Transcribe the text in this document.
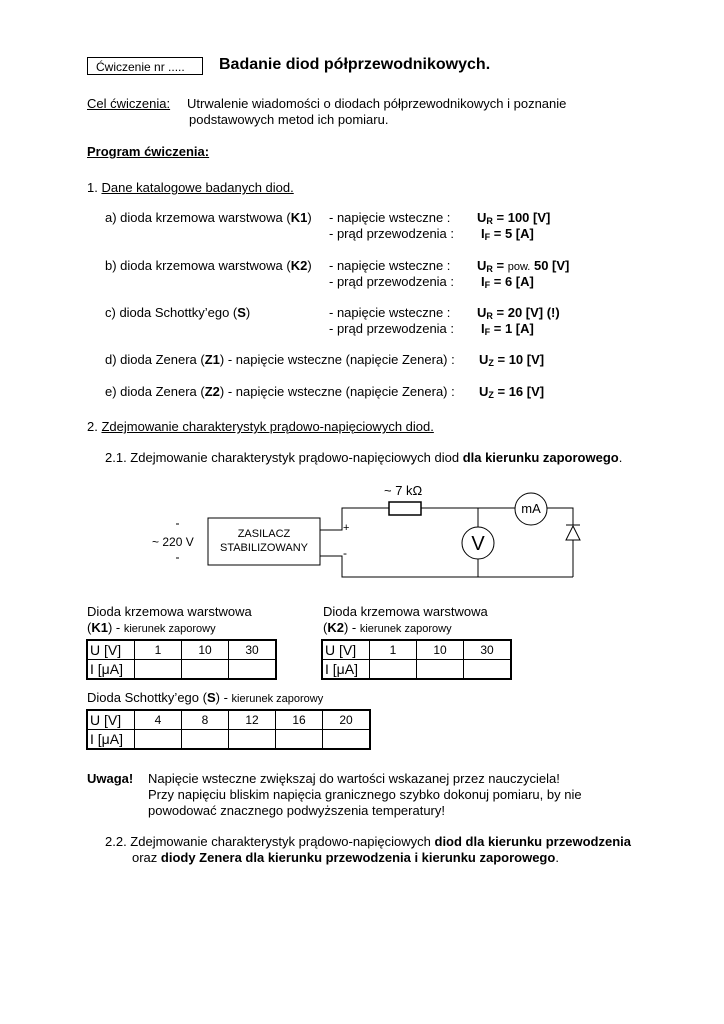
Ćwiczenie nr .....	Badanie diod półprzewodnikowych.
Cel ćwiczenia: Utrwalenie wiadomości o diodach półprzewodnikowych i poznanie
podstawowych metod ich pomiaru.
Program ćwiczenia:
1. Dane katalogowe badanych diod.
a) dioda krzemowa warstwowa (K1) - napięcie wsteczne : $U_R = 100$ [V]
- prąd przewodzenia : $I_F = 5$ [A]
b) dioda krzemowa warstwowa (K2) - napięcie wsteczne : $U_R$ = pow. 50 [V]
- prąd przewodzenia : $I_F = 6$ [A]
c) dioda Schottky’ego (S)	- napięcie wsteczne : $U_R = 20$ [V] (!)
- prąd przewodzenia : $I_F = 1$ [A]
d) dioda Zenera (Z1) - napięcie wsteczne (napięcie Zenera) : $U_Z = 10$ [V]
e) dioda Zenera (Z2) - napięcie wsteczne (napięcie Zenera) : $U_Z = 16$ [V]
2. Zdejmowanie charakterystyk prądowo-napięciowych diod.
2.1. Zdejmowanie charakterystyk prądowo-napięciowych diod dla kierunku zaporowego.
~ 220 V
ZASILACZ
STABILIZOWANY
+
-
~ 7 kΩ
mA
V
Dioda krzemowa warstwowa
(K1) - kierunek zaporowy
U [V]	1	10	30
I [μA]			
Dioda krzemowa warstwowa
(K2) - kierunek zaporowy
U [V]	1	10	30
I [μA]			
Dioda Schottky’ego (S) - kierunek zaporowy
U [V]	4	8	12	16	20
I [μA]					
Uwaga! Napięcie wsteczne zwiększaj do wartości wskazanej przez nauczyciela!
Przy napięciu bliskim napięcia granicznego szybko dokonuj pomiaru, by nie
powodować znacznego podwyższenia temperatury!
2.2. Zdejmowanie charakterystyk prądowo-napięciowych diod dla kierunku przewodzenia
oraz diody Zenera dla kierunku przewodzenia i kierunku zaporowego.
